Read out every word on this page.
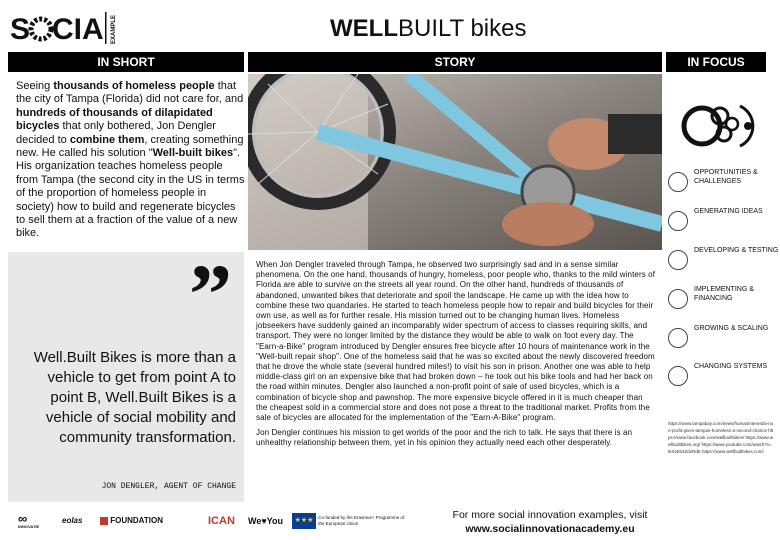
S CIA EXAMPLE	WELLBUILT bikes
IN SHORT	STORY	IN FOCUS
Seeing thousands of homeless people that the city of Tampa (Florida) did not care for, and hundreds of thousands of dilapidated bicycles that only bothered, Jon Dengler decided to combine them, creating something new. He called his solution "Well-built bikes". His organization teaches homeless people from Tampa (the second city in the US in terms of the proportion of homeless people in society) how to build and regenerate bicycles to sell them at a fraction of the value of a new bike.
”
Well.Built Bikes is more than a vehicle to get from point A to point B, Well.Built Bikes is a vehicle of social mobility and community transformation.
JON DENGLER, AGENT OF CHANGE

When Jon Dengler traveled through Tampa, he observed two surprisingly sad and in a sense similar phenomena. On the one hand, thousands of hungry, homeless, poor people who, thanks to the mild winters of Florida are able to survive on the streets all year round. On the other hand, hundreds of thousands of abandoned, unwanted bikes that deteriorate and spoil the landscape. He came up with the idea how to combine these two quandaries. He started to teach homeless people how to repair and build bicycles for their own use, as well as for further resale. His mission turned out to be changing human lives. Homeless jobseekers have suddenly gained an incomparably wider spectrum of access to classes requiring skills, and transport. They were no longer limited by the distance they would be able to walk on foot every day. The "Earn-a-Bike" program introduced by Dengler ensures free bicycle after 10 hours of maintenance work in the "Well-built repair shop". One of the homeless said that he was so excited about the newly discovered freedom that he drove the whole state (several hundred miles!) to visit his son in prison. Another one was able to help middle-class girl on an expensive bike that had broken down – he took out his bike tools and had her back on the road within minutes. Dengler also launched a non-profit point of sale of used bicycles, which is a combination of bicycle shop and pawnshop. The more expensive bicycle offered in it is much cheaper than the cheapest sold in a commercial store and does not pose a threat to the traditional market. Profits from the sale of bicycles are allocated for the implementation of the "Earn-A-Bike" program.

Jon Dengler continues his mission to get worlds of the poor and the rich to talk. He says that there is an unhealthy relationship between them, yet in his opinion they actually need each other desperately.

OPPORTUNITIES & CHALLENGES
GENERATING IDEAS
DEVELOPING & TESTING
IMPLEMENTING & FINANCING
GROWING & SCALING
CHANGING SYSTEMS
https://www.tampabay.com/news/humaninterest/a-non-profit-gives-tampas-homeless-a-second-chance https://www.facebook.com/wellbuiltbikes/ https://www.wellbuiltbikes.org/ https://www.youtube.com/watch?v=kiSvEb4ZdvRdE https://www.wellbuiltbikes.com/
∞
INNOVATIE
eolas	FOUNDATION	ICAN	We♥You	★★★ Co-funded by the Erasmus+ Programme of the European Union
For more social innovation examples, visit
www.socialinnovationacademy.eu
